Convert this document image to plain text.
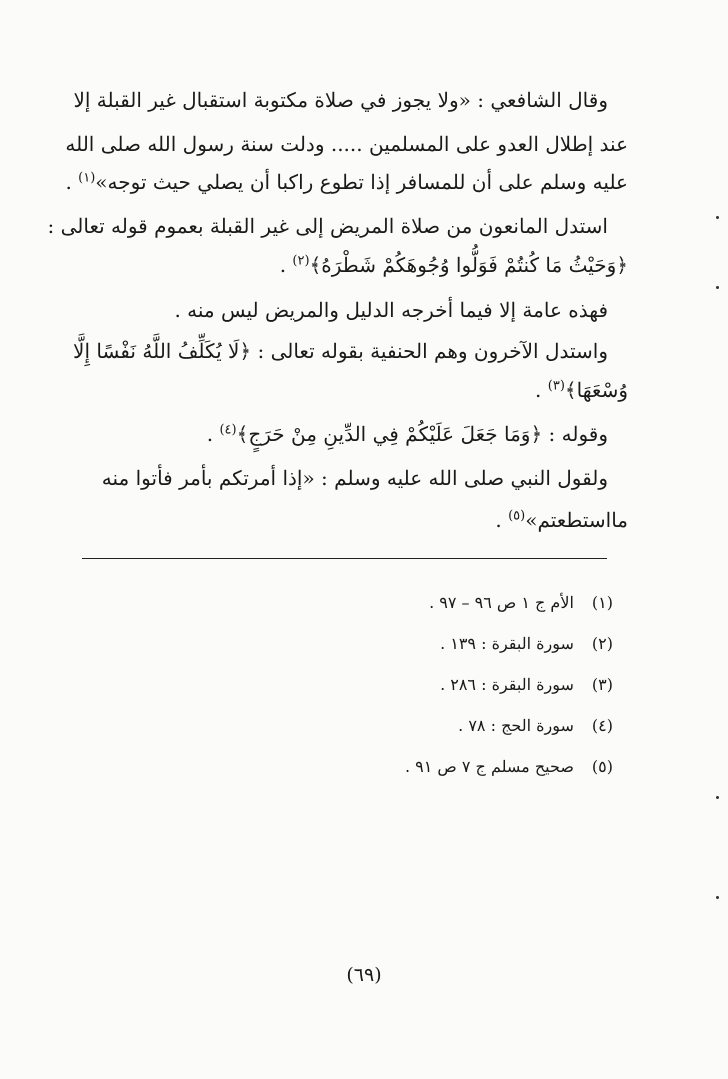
وقال الشافعي : «ولا يجوز في صلاة مكتوبة استقبال غير القبلة إلا
عند إطلال العدو على المسلمين ..... ودلت سنة رسول الله صلى الله
عليه وسلم على أن للمسافر إذا تطوع راكبا أن يصلي حيث توجه»$^{(١)}$ .
استدل المانعون من صلاة المريض إلى غير القبلة بعموم قوله تعالى :
﴿وَحَيْثُ مَا كُنتُمْ فَوَلُّوا وُجُوهَكُمْ شَطْرَهُ﴾$^{(٢)}$ .
فهذه عامة إلا فيما أخرجه الدليل والمريض ليس منه .
واستدل الآخرون وهم الحنفية بقوله تعالى : ﴿لَا يُكَلِّفُ اللَّهُ نَفْسًا إِلَّا
وُسْعَهَا﴾$^{(٣)}$ .
وقوله : ﴿وَمَا جَعَلَ عَلَيْكُمْ فِي الدِّينِ مِنْ حَرَجٍ﴾$^{(٤)}$ .
ولقول النبي صلى الله عليه وسلم : «إذا أمرتكم بأمر فأتوا منه
مااستطعتم»$^{(٥)}$ .
(١)الأم ج ١ ص ٩٦ – ٩٧ .
(٢)سورة البقرة : ١٣٩ .
(٣)سورة البقرة : ٢٨٦ .
(٤)سورة الحج : ٧٨ .
(٥)صحيح مسلم ج ٧ ص ٩١ .
(٦٩)
